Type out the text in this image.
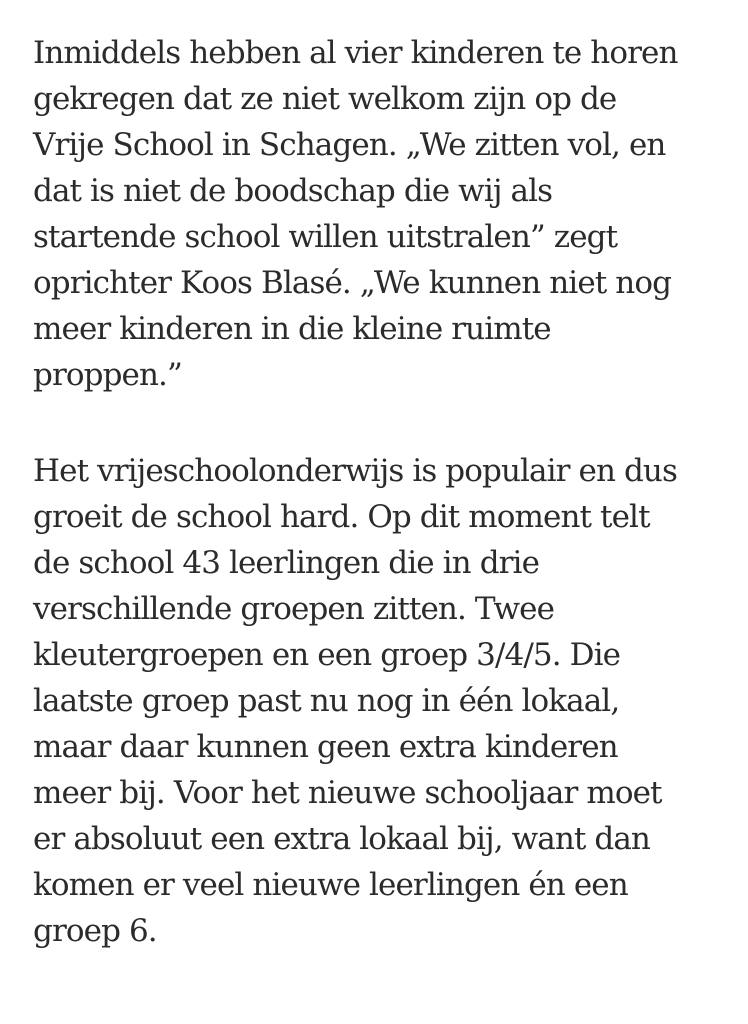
Inmiddels hebben al vier kinderen te horen
gekregen dat ze niet welkom zijn op de
Vrije School in Schagen. „We zitten vol, en
dat is niet de boodschap die wij als
startende school willen uitstralen” zegt
oprichter Koos Blasé. „We kunnen niet nog
meer kinderen in die kleine ruimte
proppen.”

Het vrijeschoolonderwijs is populair en dus
groeit de school hard. Op dit moment telt
de school 43 leerlingen die in drie
verschillende groepen zitten. Twee
kleutergroepen en een groep 3/4/5. Die
laatste groep past nu nog in één lokaal,
maar daar kunnen geen extra kinderen
meer bij. Voor het nieuwe schooljaar moet
er absoluut een extra lokaal bij, want dan
komen er veel nieuwe leerlingen én een
groep 6.
